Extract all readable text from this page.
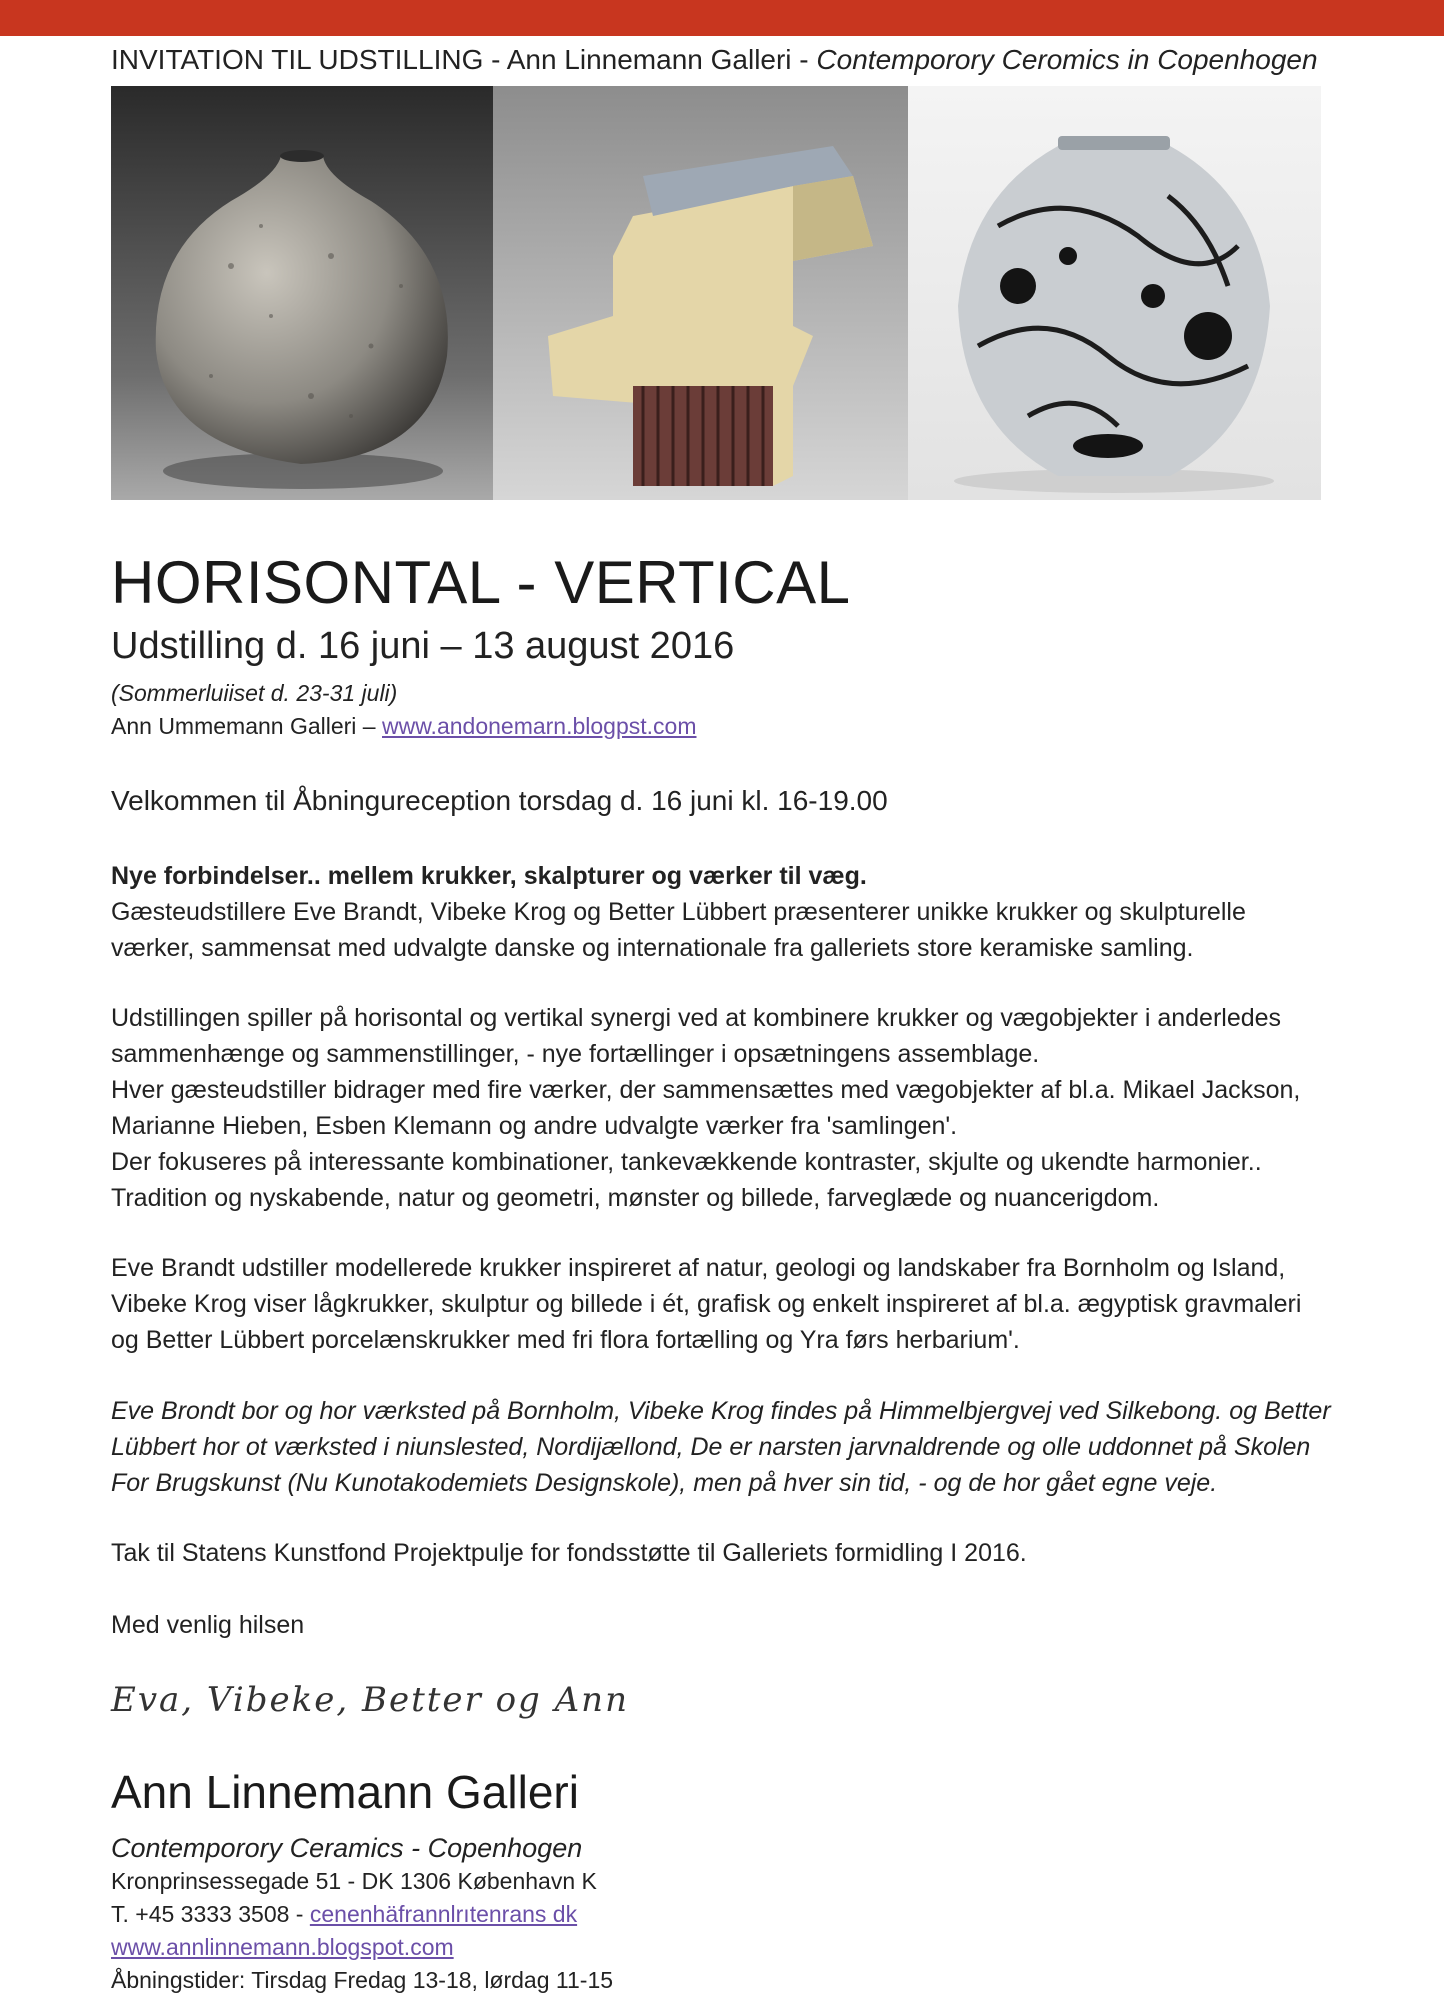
INVITATION TIL UDSTILLING - Ann Linnemann Galleri - Contemporory Ceromics in Copenhogen
HORISONTAL - VERTICAL
Udstilling d. 16 juni – 13 august 2016
(Sommerluiiset d. 23-31 juli)
Ann Ummemann Galleri – www.andonemarn.blogpst.com
Velkommen til Åbningureception torsdag d. 16 juni kl. 16-19.00

Nye forbindelser.. mellem krukker, skalpturer og værker til væg.

Gæsteudstillere Eve Brandt, Vibeke Krog og Better Lübbert præsenterer unikke krukker og skulpturelle

værker, sammensat med udvalgte danske og internationale fra galleriets store keramiske samling.

Udstillingen spiller på horisontal og vertikal synergi ved at kombinere krukker og vægobjekter i anderledes

sammenhænge og sammenstillinger, - nye fortællinger i opsætningens assemblage.

Hver gæsteudstiller bidrager med fire værker, der sammensættes med vægobjekter af bl.a. Mikael Jackson,

Marianne Hieben, Esben Klemann og andre udvalgte værker fra 'samlingen'.

Der fokuseres på interessante kombinationer, tankevækkende kontraster, skjulte og ukendte harmonier..

Tradition og nyskabende, natur og geometri, mønster og billede, farveglæde og nuancerigdom.

Eve Brandt udstiller modellerede krukker inspireret af natur, geologi og landskaber fra Bornholm og Island,

Vibeke Krog viser lågkrukker, skulptur og billede i ét, grafisk og enkelt inspireret af bl.a. ægyptisk gravmaleri

og Better Lübbert porcelænskrukker med fri flora fortælling og Yra førs herbarium'.

Eve Brondt bor og hor værksted på Bornholm, Vibeke Krog findes på Himmelbjergvej ved Silkebong. og Better

Lübbert hor ot værksted i niunslested, Nordijællond, De er narsten jarvnaldrende og olle uddonnet på Skolen

For Brugskunst (Nu Kunotakodemiets Designskole), men på hver sin tid, - og de hor gået egne veje.

Tak til Statens Kunstfond Projektpulje for fondsstøtte til Galleriets formidling I 2016.

Med venlig hilsen

Eva, Vibeke, Better og Ann
Ann Linnemann Galleri
Contemporory Ceramics - Copenhogen
Kronprinsessegade 51 - DK 1306 København K
T. +45 3333 3508 - cenenhäfrannlrıtenrans dk
www.annlinnemann.blogspot.com
Åbningstider: Tirsdag Fredag 13-18, lørdag 11-15
